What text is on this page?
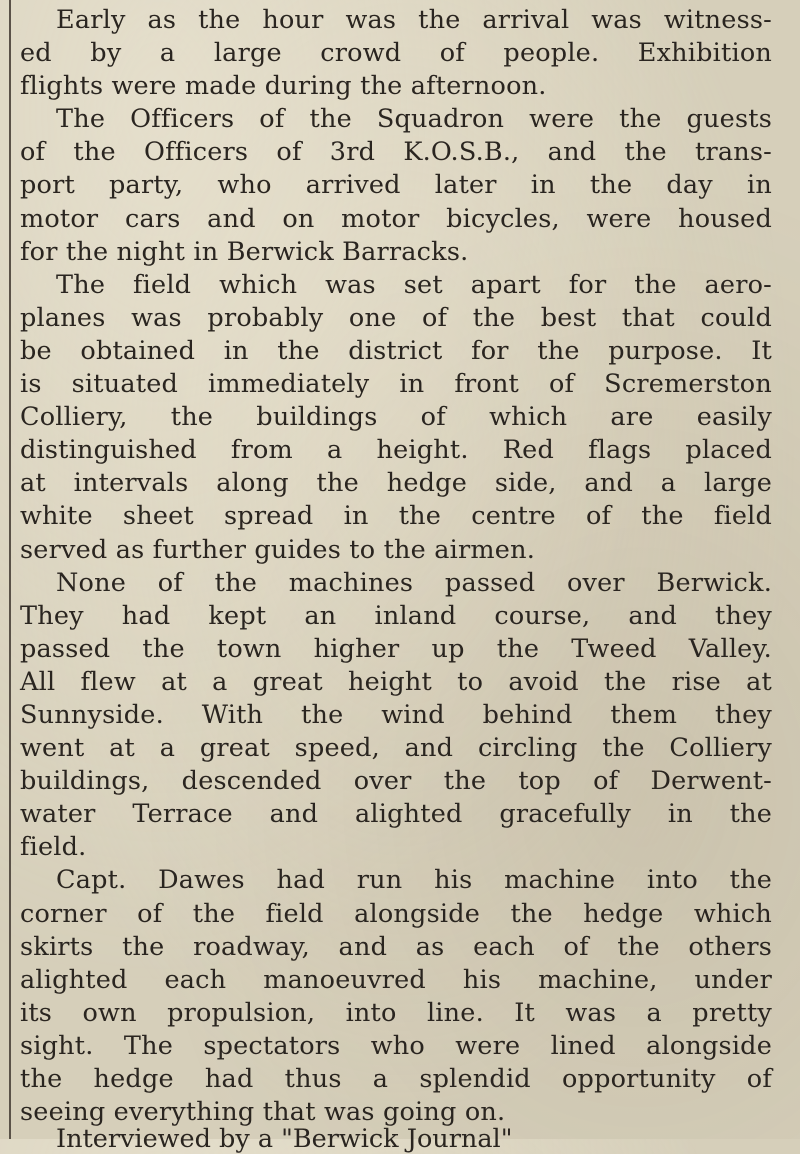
Early as the hour was the arrival was witness-
ed by a large crowd of people. Exhibition
flights were made during the afternoon.

The Officers of the Squadron were the guests
of the Officers of 3rd K.O.S.B., and the trans-
port party, who arrived later in the day in
motor cars and on motor bicycles, were housed
for the night in Berwick Barracks.

The field which was set apart for the aero-
planes was probably one of the best that could
be obtained in the district for the purpose. It
is situated immediately in front of Scremerston
Colliery, the buildings of which are easily
distinguished from a height. Red flags placed
at intervals along the hedge side, and a large
white sheet spread in the centre of the field
served as further guides to the airmen.

None of the machines passed over Berwick.
They had kept an inland course, and they
passed the town higher up the Tweed Valley.
All flew at a great height to avoid the rise at
Sunnyside. With the wind behind them they
went at a great speed, and circling the Colliery
buildings, descended over the top of Derwent-
water Terrace and alighted gracefully in the
field.

Capt. Dawes had run his machine into the
corner of the field alongside the hedge which
skirts the roadway, and as each of the others
alighted each manoeuvred his machine, under
its own propulsion, into line. It was a pretty
sight. The spectators who were lined alongside
the hedge had thus a splendid opportunity of
seeing everything that was going on.

Interviewed by a "Berwick Journal"
